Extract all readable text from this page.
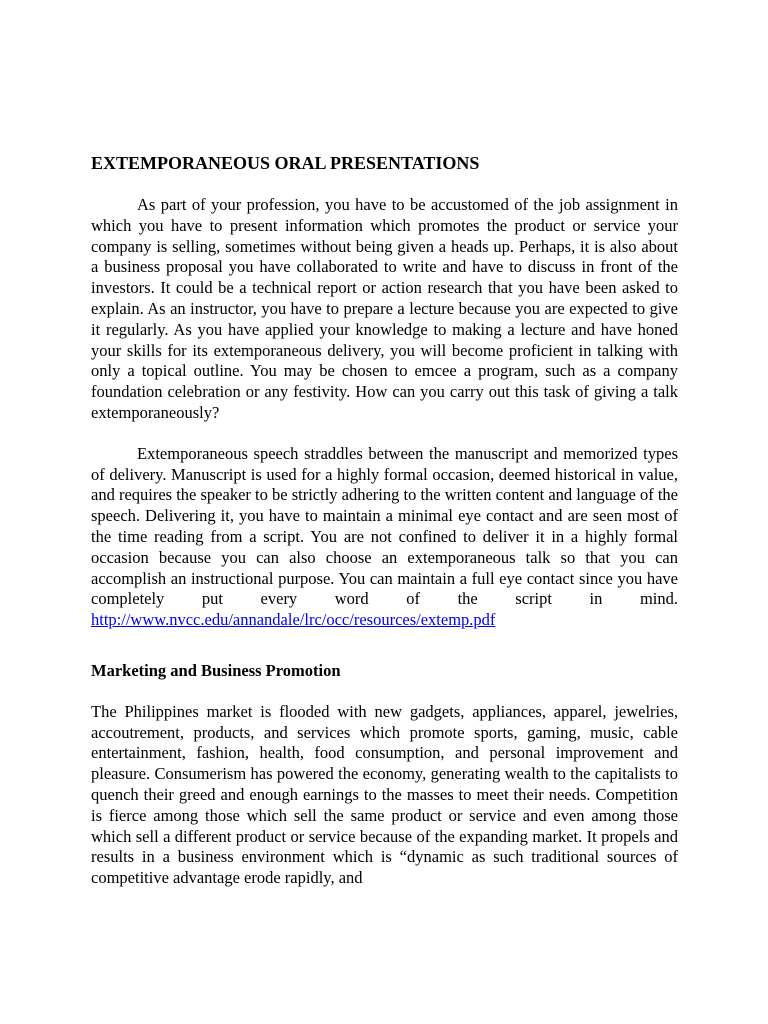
EXTEMPORANEOUS ORAL PRESENTATIONS

As part of your profession, you have to be accustomed of the job assignment in which you have to present information which promotes the product or service your company is selling, sometimes without being given a heads up. Perhaps, it is also about a business proposal you have collaborated to write and have to discuss in front of the investors. It could be a technical report or action research that you have been asked to explain. As an instructor, you have to prepare a lecture because you are expected to give it regularly. As you have applied your knowledge to making a lecture and have honed your skills for its extemporaneous delivery, you will become proficient in talking with only a topical outline. You may be chosen to emcee a program, such as a company foundation celebration or any festivity. How can you carry out this task of giving a talk extemporaneously?

Extemporaneous speech straddles between the manuscript and memorized types of delivery. Manuscript is used for a highly formal occasion, deemed historical in value, and requires the speaker to be strictly adhering to the written content and language of the speech. Delivering it, you have to maintain a minimal eye contact and are seen most of the time reading from a script. You are not confined to deliver it in a highly formal occasion because you can also choose an extemporaneous talk so that you can accomplish an instructional purpose. You can maintain a full eye contact since you have completely put every word of the script in mind. http://www.nvcc.edu/annandale/lrc/occ/resources/extemp.pdf

Marketing and Business Promotion

The Philippines market is flooded with new gadgets, appliances, apparel, jewelries, accoutrement, products, and services which promote sports, gaming, music, cable entertainment, fashion, health, food consumption, and personal improvement and pleasure. Consumerism has powered the economy, generating wealth to the capitalists to quench their greed and enough earnings to the masses to meet their needs. Competition is fierce among those which sell the same product or service and even among those which sell a different product or service because of the expanding market. It propels and results in a business environment which is “dynamic as such traditional sources of competitive advantage erode rapidly, and
